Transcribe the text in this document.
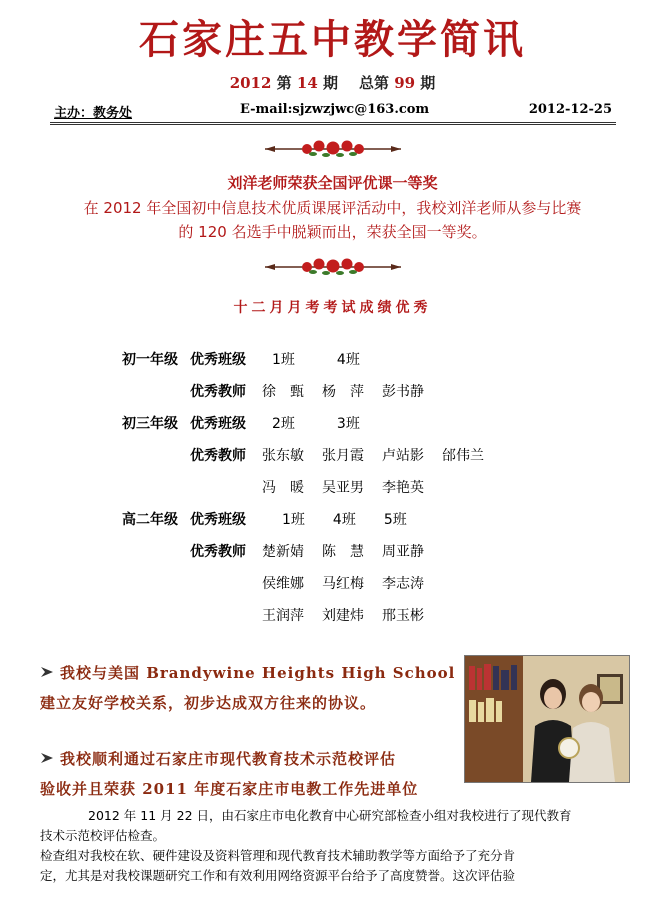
石家庄五中教学简讯
2012 第 14 期 总第 99 期
主办：教务处	E-mail:sjzwzjwc@163.com	2012-12-25
刘洋老师荣获全国评优课一等奖
在 2012 年全国初中信息技术优质课展评活动中，我校刘洋老师从参与比赛
的 120 名选手中脱颖而出，荣获全国一等奖。
十二月月考考试成绩优秀
初一年级 优秀班级 1班	4班
优秀教师 徐　甄 杨　萍 彭书静
初三年级 优秀班级 2班	3班
优秀教师 张东敏 张月霞 卢站影 邰伟兰
冯　暖 吴亚男 李艳英
高二年级 优秀班级	1班 4班 5班
优秀教师 楚新婧 陈　慧 周亚静
侯维娜 马红梅 李志涛
王润萍 刘建炜 邢玉彬
我校与美国 Brandywine Heights High School
建立友好学校关系，初步达成双方往来的协议。
我校顺利通过石家庄市现代教育技术示范校评估
验收并且荣获 2011 年度石家庄市电教工作先进单位
2012 年 11 月 22 日，由石家庄市电化教育中心研究部检查小组对我校进行了现代教育
技术示范校评估检查。
检查组对我校在软、硬件建设及资料管理和现代教育技术辅助教学等方面给予了充分肯
定，尤其是对我校课题研究工作和有效利用网络资源平台给予了高度赞誉。这次评估验
